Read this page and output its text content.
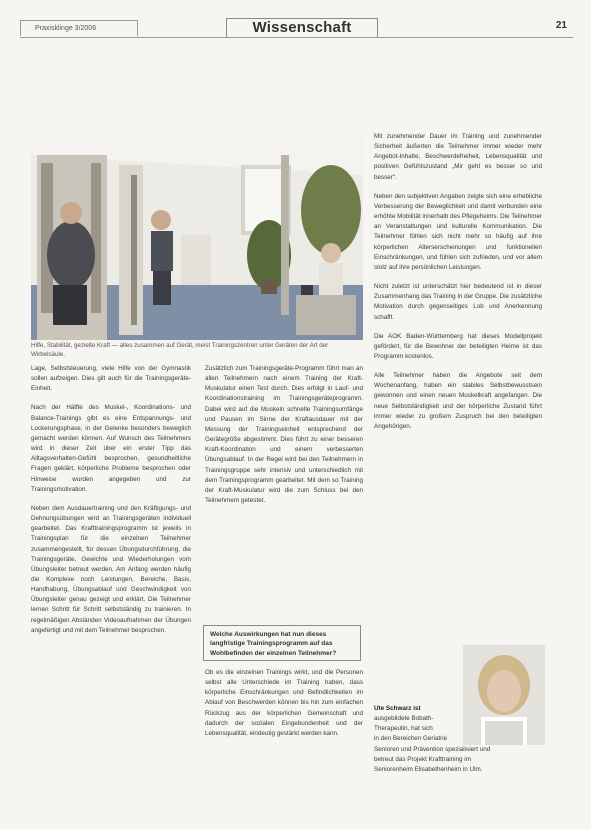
Praxisklinge 3/2006	Wissenschaft	21
Hilfe, Stabilität, gezielte Kraft — alles zusammen auf Gerät, meist Trainingszentren unter Geräten der Art der Wirbelsäule.

Lage, Selbststeuerung, viele Hilfe von der Gymnastik sollen aufzeigen. Dies gilt auch für die Trainingsgeräte-Einheit.

Nach der Hälfte des Muskel-, Koordinations- und Balance-Trainings gibt es eine Entspannungs- und Lockerungsphase, in der Gelenke besonders beweglich gemacht werden können. Auf Wunsch des Teilnehmers wird in dieser Zeit über ein erster Tipp das Alltagsverhalten-Gefühl besprochen, gesundheitliche Fragen geklärt, körperliche Probleme besprochen oder Hinweise wurden angegeben und zur Trainingsmotivation.

Neben dem Ausdauertraining und den Kräftigungs- und Dehnungsübungen wird an Trainingsgeräten individuell gearbeitet. Das Krafttrainingsprogramm ist jeweils in Trainingsplan für die einzelnen Teilnehmer zusammengestellt, für dessen Übungsdurchführung, die Trainingsgeräte, Gewichte und Wiederholungen vom Übungsleiter betreut werden. Am Anfang werden häufig die Komplexe noch Leistungen, Bereiche, Basis, Handhabung, Übungsablauf und Geschwindigkeit von Übungsleiter genau gezeigt und erklärt. Die Teilnehmer lernen Schritt für Schritt selbstständig zu trainieren. In regelmäßigen Abständen Videoaufnahmen der Übungen angefertigt und mit dem Teilnehmer besprochen.

Zusätzlich zum Trainingsgeräte-Programm führt man an allen Teilnehmern nach einem Training der Kraft-Muskulatur einen Test durch. Dies erfolgt in Lauf- und Koordinationstraining im Trainingsgeräteprogramm. Dabei wird auf die Muskeln schnelle Trainingsumfänge und Pausen im Sinne der Kraftausdauer mit der Messung der Trainingseinheit entsprechend der Gerätegröße abgestimmt. Dies führt zu einer besseren Kraft-Koordination und einem verbesserten Übungsablauf. In der Regel wird bei den Teilnehmern in Trainingsgruppe sehr intensiv und unterschiedlich mit dem Trainingsprogramm gearbeitet. Mit dem so Training der Kraft-Muskulatur wird die zum Schluss bei den Teilnehmern getestet.

Welche Auswirkungen hat nun dieses langfristige Trainingsprogramm auf das Wohlbefinden der einzelnen Teilnehmer?

Ob es die einzelnen Trainings wirkt, und die Personen selbst alle Unterschiede im Training haben, dass körperliche Einschränkungen und Befindlichkeiten im Ablauf von Beschwerden können bis hin zum einfachen Rückzug aus der körperlichen Gemeinschaft und dadurch der sozialen Eingebundenheit und der Lebensqualität, eindeutig gestärkt werden kann.

Mit zunehmender Dauer im Training und zunehmender Sicherheit äußerten die Teilnehmer immer wieder mehr Angebot-Inhalte, Beschwerdefreiheit, Lebensqualität und positiven Gefühlszustand „Mir geht es besser so und besser“.

Neben den subjektiven Angaben zeigte sich eine erhebliche Verbesserung der Beweglichkeit und damit verbunden eine erhöhte Mobilität innerhalb des Pflegeheims. Die Teilnehmer an Veranstaltungen und kulturelle Kommunikation. Die Teilnehmer fühlen sich nicht mehr so häufig auf ihre körperlichen Alterserscheinungen und funktionellen Einschränkungen, und fühlen sich zufrieden, und vor allem stolz auf ihre persönlichen Leistungen.

Nicht zuletzt ist unterschätzt hier bedeutend ist in dieser Zusammenhang das Training in der Gruppe. Die zusätzliche Motivation durch gegenseitiges Lob und Anerkennung schafft.

Die AOK Baden-Württemberg hat dieses Modellprojekt gefördert, für die Bewohner der beteiligten Heime ist das Programm kostenlos.

Alle Teilnehmer haben die Angebote seit dem Wochenanfang, haben ein stabiles Selbstbewusstsein gewonnen und einen neuen Muskelkraft angefangen. Die neue Selbstständigkeit und der körperliche Zustand führt immer wieder zu großem Zuspruch bei den beteiligten Angehörigen.

Ute Schwarz ist
ausgebildete Bobath-
Therapeutin, hat sich
in den Bereichen Geriatrie
Senioren und Prävention spezialisiert und
betreut das Projekt Krafttraining im
Seniorenheim Elisabethenheim in Ulm.
